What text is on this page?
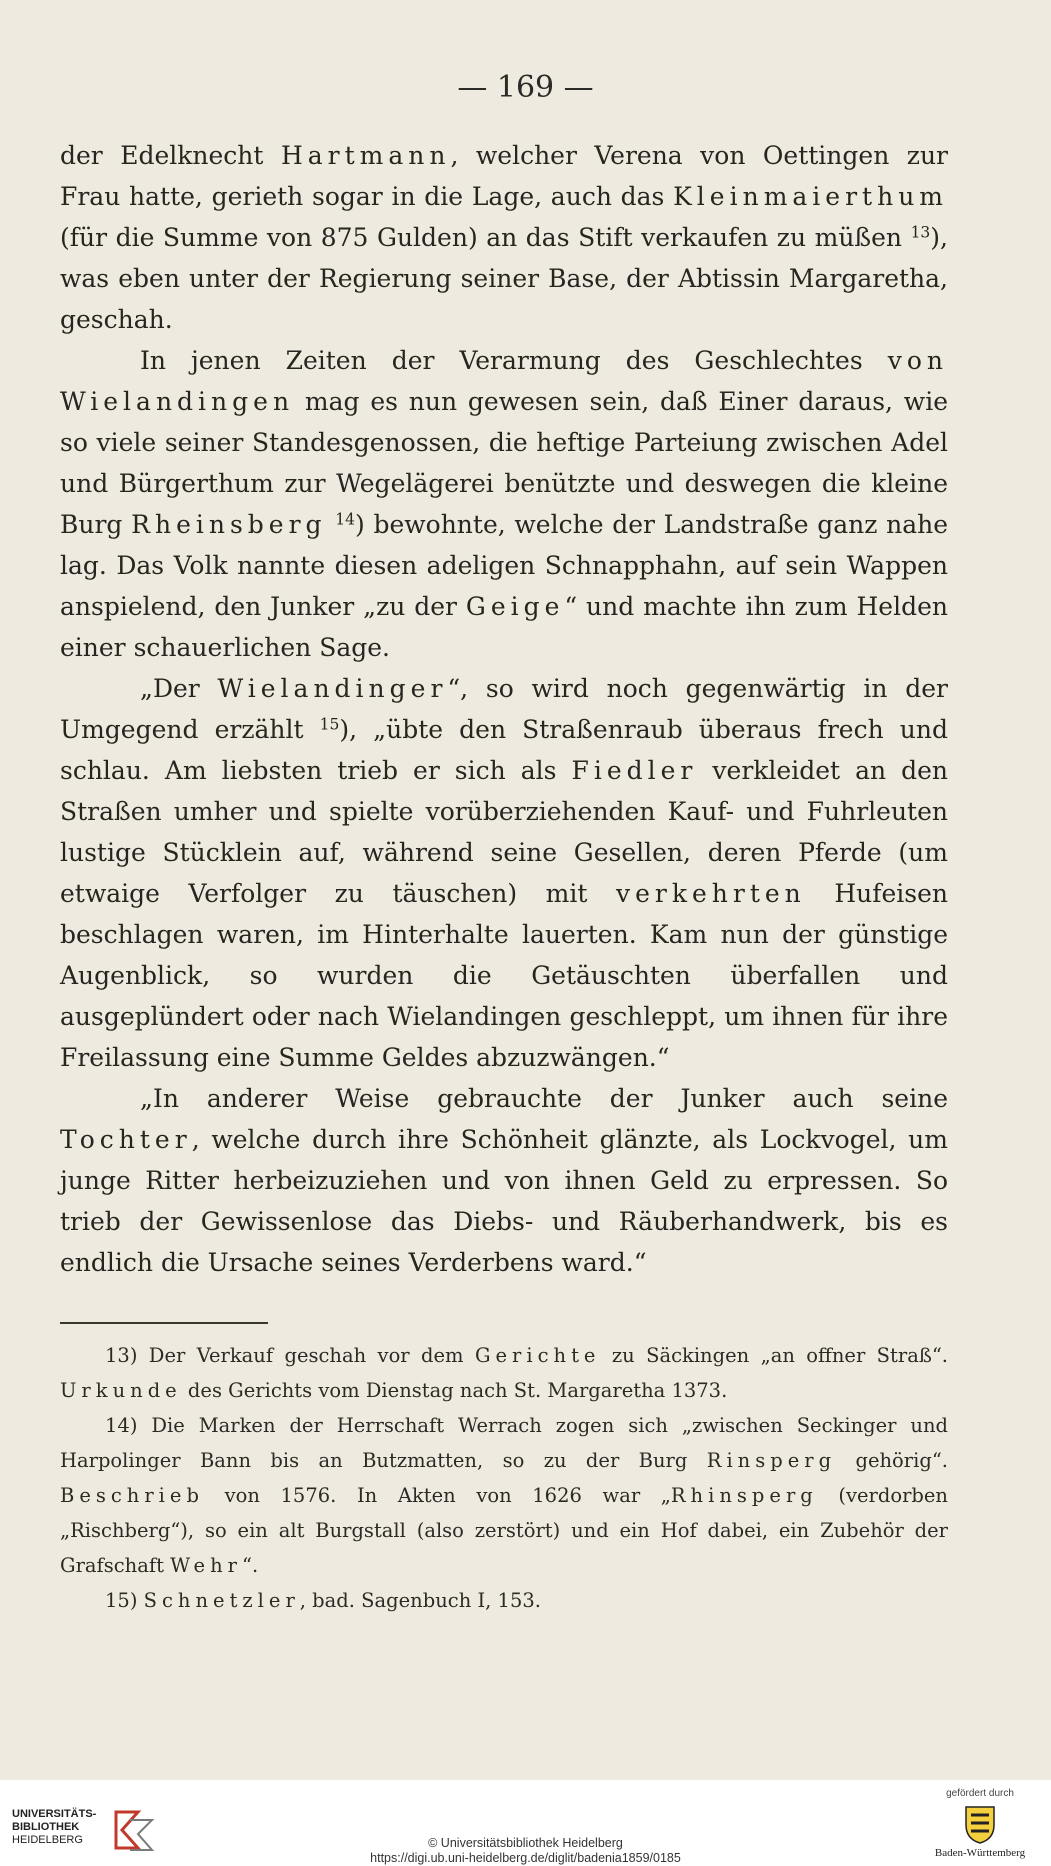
— 169 —

der Edelknecht Hartmann, welcher Verena von Oettingen zur Frau hatte, gerieth sogar in die Lage, auch das Kleinmaierthum (für die Summe von 875 Gulden) an das Stift verkaufen zu müßen $^{13}$), was eben unter der Regierung seiner Base, der Abtissin Margaretha, geschah.

In jenen Zeiten der Verarmung des Geschlechtes von Wielandingen mag es nun gewesen sein, daß Einer daraus, wie so viele seiner Standesgenossen, die heftige Parteiung zwischen Adel und Bürgerthum zur Wegelägerei benützte und deswegen die kleine Burg Rheinsberg $^{14}$) bewohnte, welche der Landstraße ganz nahe lag. Das Volk nannte diesen adeligen Schnapphahn, auf sein Wappen anspielend, den Junker „zu der Geige“ und machte ihn zum Helden einer schauerlichen Sage.

„Der Wielandinger“, so wird noch gegenwärtig in der Umgegend erzählt $^{15}$), „übte den Straßenraub überaus frech und schlau. Am liebsten trieb er sich als Fiedler verkleidet an den Straßen umher und spielte vorüberziehenden Kauf- und Fuhrleuten lustige Stücklein auf, während seine Gesellen, deren Pferde (um etwaige Verfolger zu täuschen) mit verkehrten Hufeisen beschlagen waren, im Hinterhalte lauerten. Kam nun der günstige Augenblick, so wurden die Getäuschten überfallen und ausgeplündert oder nach Wielandingen geschleppt, um ihnen für ihre Freilassung eine Summe Geldes abzuzwängen.“

„In anderer Weise gebrauchte der Junker auch seine Tochter, welche durch ihre Schönheit glänzte, als Lockvogel, um junge Ritter herbeizuziehen und von ihnen Geld zu erpressen. So trieb der Gewissenlose das Diebs- und Räuberhandwerk, bis es endlich die Ursache seines Verderbens ward.“

13) Der Verkauf geschah vor dem Gerichte zu Säckingen „an offner Straß“. Urkunde des Gerichts vom Dienstag nach St. Margaretha 1373.

14) Die Marken der Herrschaft Werrach zogen sich „zwischen Seckinger und Harpolinger Bann bis an Butzmatten, so zu der Burg Rinsperg gehörig“. Beschrieb von 1576. In Akten von 1626 war „Rhinsperg (verdorben „Rischberg“), so ein alt Burgstall (also zerstört) und ein Hof dabei, ein Zubehör der Grafschaft Wehr“.

15) Schnetzler, bad. Sagenbuch I, 153.

UNIVERSITÄTS-
BIBLIOTHEK
HEIDELBERG	© Universitätsbibliothek Heidelberg
https://digi.ub.uni-heidelberg.de/diglit/badenia1859/0185
gefördert durch
Baden-Württemberg
